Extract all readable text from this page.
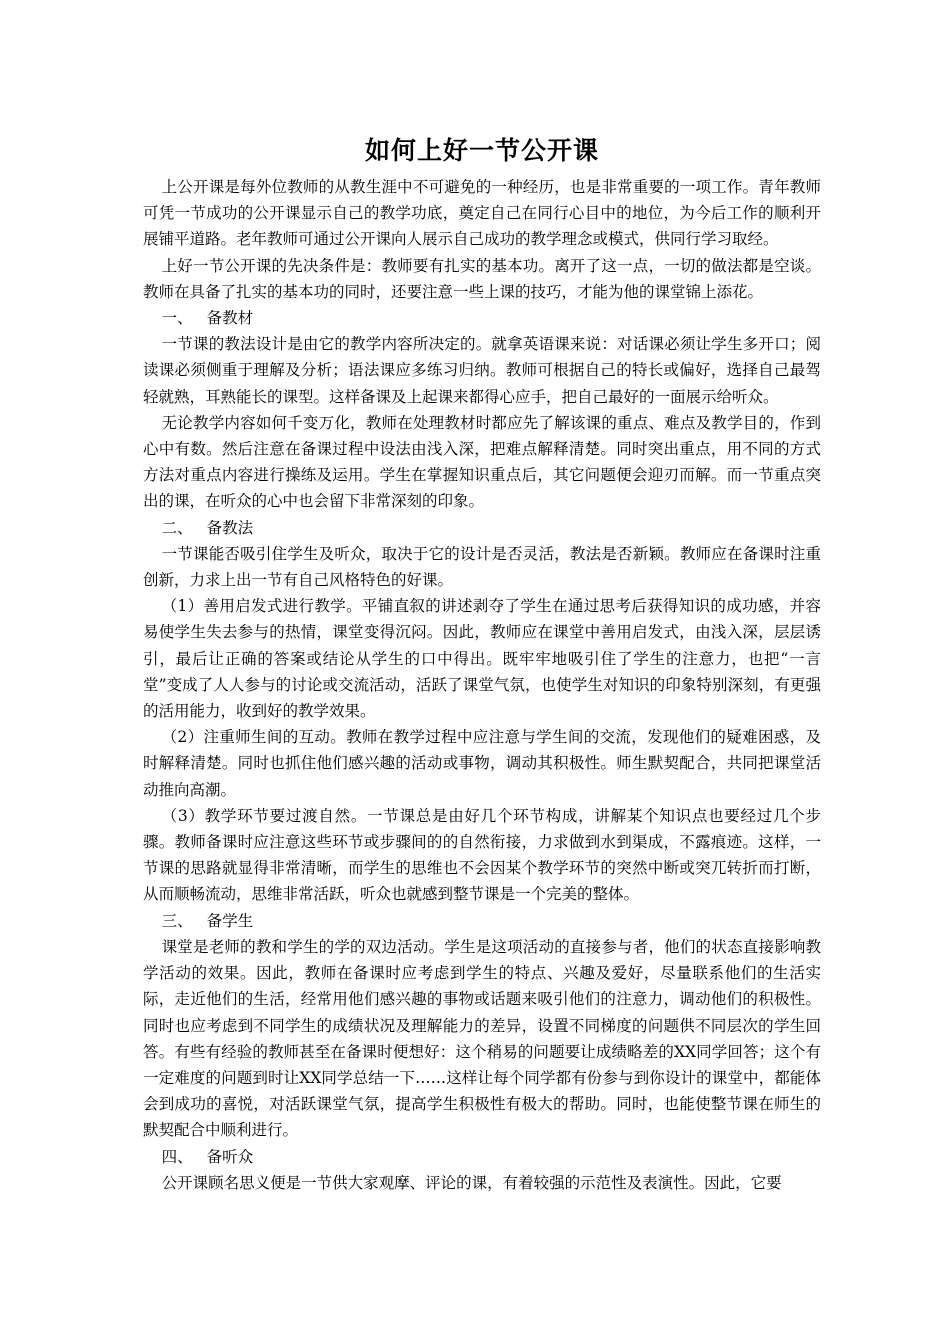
如何上好一节公开课

上公开课是每外位教师的从教生涯中不可避免的一种经历，也是非常重要的一项工作。青年教师可凭一节成功的公开课显示自己的教学功底，奠定自己在同行心目中的地位，为今后工作的顺利开展铺平道路。老年教师可通过公开课向人展示自己成功的教学理念或模式，供同行学习取经。

上好一节公开课的先决条件是：教师要有扎实的基本功。离开了这一点，一切的做法都是空谈。教师在具备了扎实的基本功的同时，还要注意一些上课的技巧，才能为他的课堂锦上添花。

一、 备教材

一节课的教法设计是由它的教学内容所决定的。就拿英语课来说：对话课必须让学生多开口；阅读课必须侧重于理解及分析；语法课应多练习归纳。教师可根据自己的特长或偏好，选择自己最驾轻就熟，耳熟能长的课型。这样备课及上起课来都得心应手，把自己最好的一面展示给听众。

无论教学内容如何千变万化，教师在处理教材时都应先了解该课的重点、难点及教学目的，作到心中有数。然后注意在备课过程中设法由浅入深，把难点解释清楚。同时突出重点，用不同的方式方法对重点内容进行操练及运用。学生在掌握知识重点后，其它问题便会迎刃而解。而一节重点突出的课，在听众的心中也会留下非常深刻的印象。

二、 备教法

一节课能否吸引住学生及听众，取决于它的设计是否灵活，教法是否新颖。教师应在备课时注重创新，力求上出一节有自己风格特色的好课。

（1）善用启发式进行教学。平铺直叙的讲述剥夺了学生在通过思考后获得知识的成功感，并容易使学生失去参与的热情，课堂变得沉闷。因此，教师应在课堂中善用启发式，由浅入深，层层诱引，最后让正确的答案或结论从学生的口中得出。既牢牢地吸引住了学生的注意力，也把“一言堂”变成了人人参与的讨论或交流活动，活跃了课堂气氛，也使学生对知识的印象特别深刻，有更强的活用能力，收到好的教学效果。

（2）注重师生间的互动。教师在教学过程中应注意与学生间的交流，发现他们的疑难困惑，及时解释清楚。同时也抓住他们感兴趣的活动或事物，调动其积极性。师生默契配合，共同把课堂活动推向高潮。

（3）教学环节要过渡自然。一节课总是由好几个环节构成，讲解某个知识点也要经过几个步骤。教师备课时应注意这些环节或步骤间的的自然衔接，力求做到水到渠成，不露痕迹。这样，一节课的思路就显得非常清晰，而学生的思维也不会因某个教学环节的突然中断或突兀转折而打断，从而顺畅流动，思维非常活跃，听众也就感到整节课是一个完美的整体。

三、 备学生

课堂是老师的教和学生的学的双边活动。学生是这项活动的直接参与者，他们的状态直接影响教学活动的效果。因此，教师在备课时应考虑到学生的特点、兴趣及爱好，尽量联系他们的生活实际，走近他们的生活，经常用他们感兴趣的事物或话题来吸引他们的注意力，调动他们的积极性。同时也应考虑到不同学生的成绩状况及理解能力的差异，设置不同梯度的问题供不同层次的学生回答。有些有经验的教师甚至在备课时便想好：这个稍易的问题要让成绩略差的XX同学回答；这个有一定难度的问题到时让XX同学总结一下……这样让每个同学都有份参与到你设计的课堂中，都能体会到成功的喜悦，对活跃课堂气氛，提高学生积极性有极大的帮助。同时，也能使整节课在师生的默契配合中顺利进行。

四、 备听众

公开课顾名思义便是一节供大家观摩、评论的课，有着较强的示范性及表演性。因此，它要
